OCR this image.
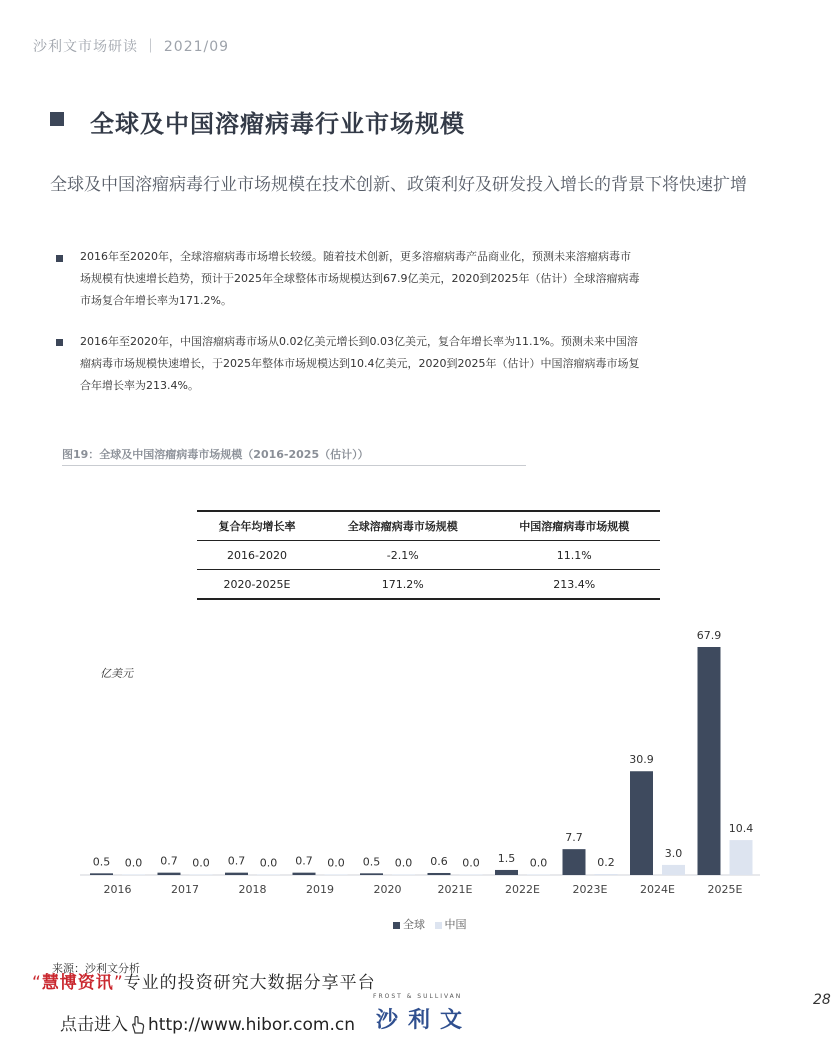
沙利文市场研读 ｜ 2021/09
全球及中国溶瘤病毒行业市场规模
全球及中国溶瘤病毒行业市场规模在技术创新、政策利好及研发投入增长的背景下将快速扩增
2016年至2020年，全球溶瘤病毒市场增长较缓。随着技术创新，更多溶瘤病毒产品商业化，预测未来溶瘤病毒市场规模有快速增长趋势，预计于2025年全球整体市场规模达到67.9亿美元，2020到2025年（估计）全球溶瘤病毒市场复合年增长率为171.2%。
2016年至2020年，中国溶瘤病毒市场从0.02亿美元增长到0.03亿美元，复合年增长率为11.1%。预测未来中国溶瘤病毒市场规模快速增长，于2025年整体市场规模达到10.4亿美元，2020到2025年（估计）中国溶瘤病毒市场复合年增长率为213.4%。
图19：全球及中国溶瘤病毒市场规模（2016-2025（估计））
复合年均增长率	全球溶瘤病毒市场规模	中国溶瘤病毒市场规模
2016-2020	-2.1%	11.1%
2020-2025E	171.2%	213.4%
亿美元
0.5 0.0
2016
0.7 0.0
2017
0.7 0.0
2018
0.7 0.0
2019
0.5 0.0
2020
0.6 0.0
2021E
1.5 0.0
2022E
7.7
0.2
2023E
30.9
3.0
2024E
67.9
10.4
2025E
全球 中国
来源：沙利文分析
“慧博资讯”专业的投资研究大数据分享平台
点击进入 http://www.hibor.com.cn
FROST & SULLIVAN
沙利文
28
